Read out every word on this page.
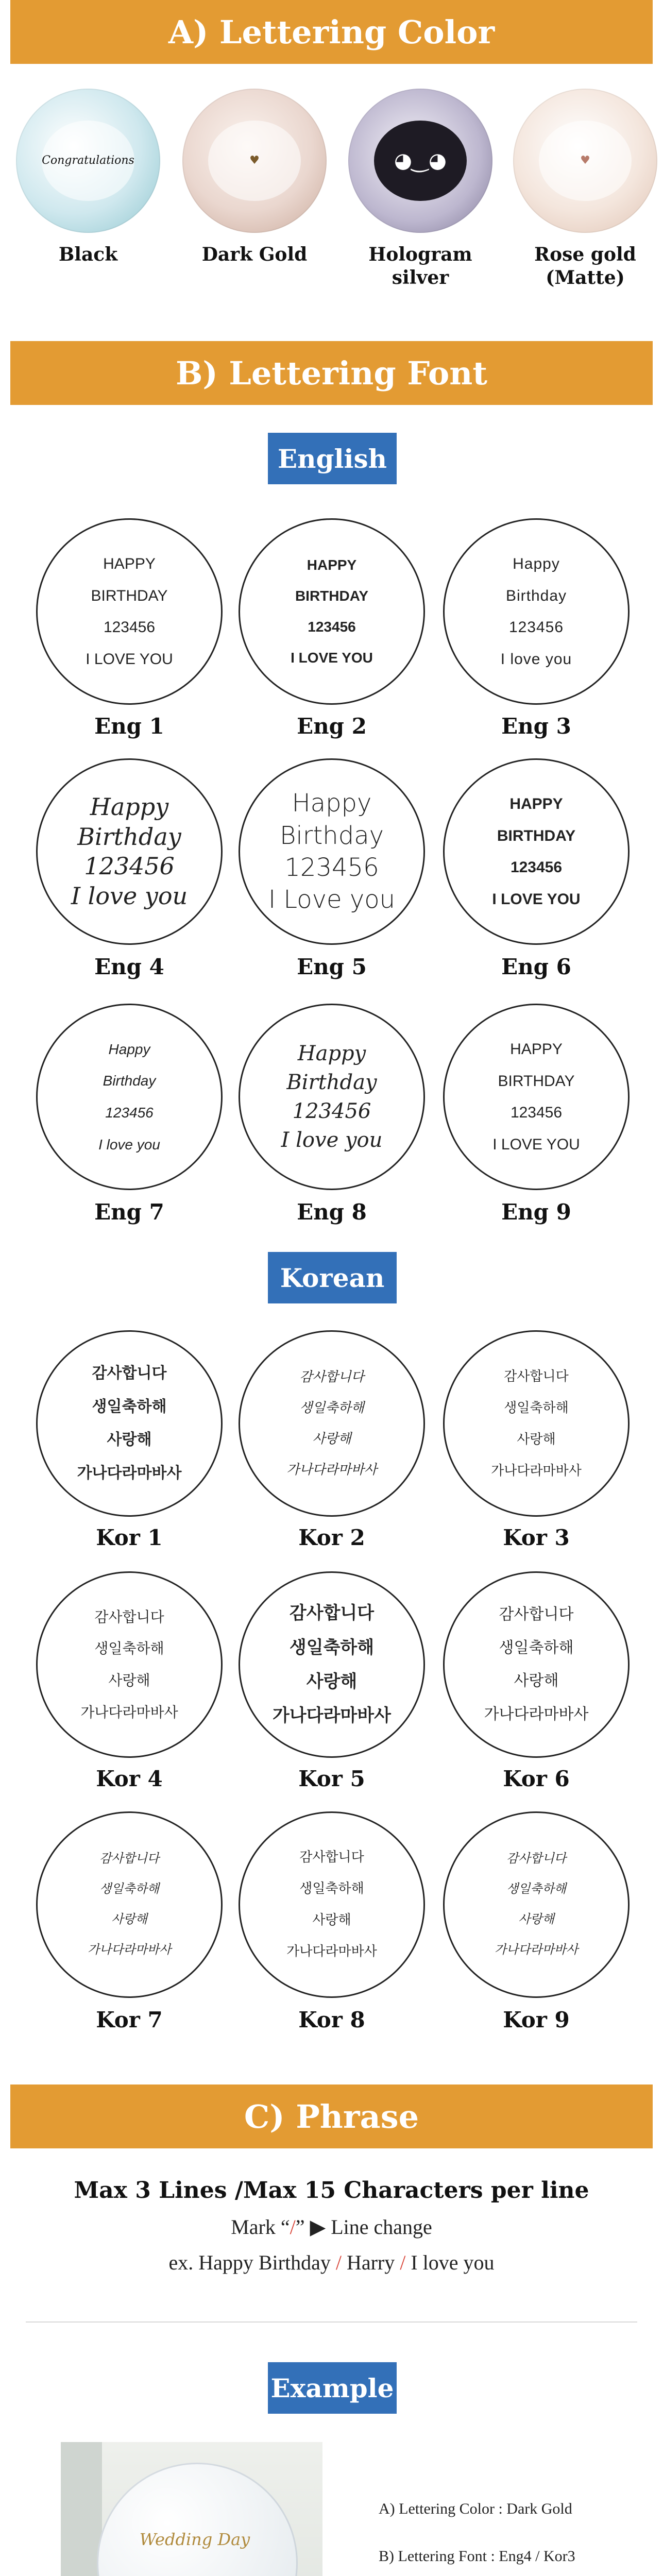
A) Lettering Color
Congratulations
Black
♥
Dark Gold
◕‿◕
Hologram silver
♥
Rose gold (Matte)
B) Lettering Font
English
HAPPY
BIRTHDAY
123456
I LOVE YOU
Eng 1
HAPPY
BIRTHDAY
123456
I LOVE YOU
Eng 2
Happy
Birthday
123456
I love you
Eng 3
Happy
Birthday
123456
I love you
Eng 4
Happy
Birthday
123456
I Love you
Eng 5
HAPPY
BIRTHDAY
123456
I LOVE YOU
Eng 6
Happy
Birthday
123456
I love you
Eng 7
Happy
Birthday
123456
I love you
Eng 8
HAPPY
BIRTHDAY
123456
I LOVE YOU
Eng 9
Korean
감사합니다
생일축하해
사랑해
가나다라마바사
Kor 1
감사합니다
생일축하해
사랑해
가나다라마바사
Kor 2
감사합니다
생일축하해
사랑해
가나다라마바사
Kor 3
감사합니다
생일축하해
사랑해
가나다라마바사
Kor 4
감사합니다
생일축하해
사랑해
가나다라마바사
Kor 5
감사합니다
생일축하해
사랑해
가나다라마바사
Kor 6
감사합니다
생일축하해
사랑해
가나다라마바사
Kor 7
감사합니다
생일축하해
사랑해
가나다라마바사
Kor 8
감사합니다
생일축하해
사랑해
가나다라마바사
Kor 9
C) Phrase
Max 3 Lines /Max 15 Characters per line
Mark “/” ▶ Line change
ex. Happy Birthday / Harry / I love you
Example
Wedding Day
A) Lettering Color : Dark Gold
B) Lettering Font : Eng4 / Kor3
